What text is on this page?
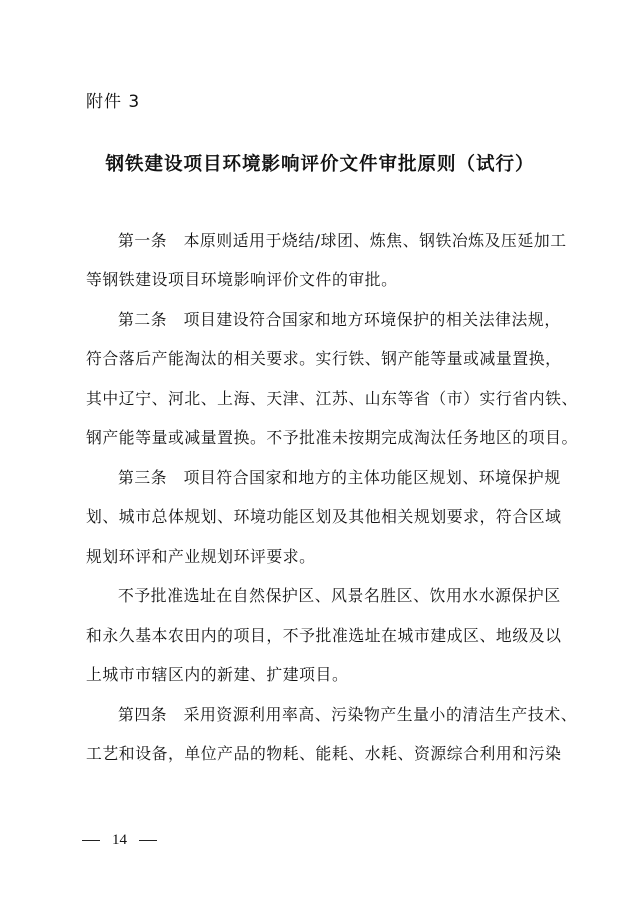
附件 3
钢铁建设项目环境影响评价文件审批原则（试行）
第一条　本原则适用于烧结/球团、炼焦、钢铁冶炼及压延加工
等钢铁建设项目环境影响评价文件的审批。
第二条　项目建设符合国家和地方环境保护的相关法律法规，
符合落后产能淘汰的相关要求。实行铁、钢产能等量或减量置换，
其中辽宁、河北、上海、天津、江苏、山东等省（市）实行省内铁、
钢产能等量或减量置换。不予批准未按期完成淘汰任务地区的项目。
第三条　项目符合国家和地方的主体功能区规划、环境保护规
划、城市总体规划、环境功能区划及其他相关规划要求，符合区域
规划环评和产业规划环评要求。
不予批准选址在自然保护区、风景名胜区、饮用水水源保护区
和永久基本农田内的项目，不予批准选址在城市建成区、地级及以
上城市市辖区内的新建、扩建项目。
第四条　采用资源利用率高、污染物产生量小的清洁生产技术、
工艺和设备，单位产品的物耗、能耗、水耗、资源综合利用和污染
14
